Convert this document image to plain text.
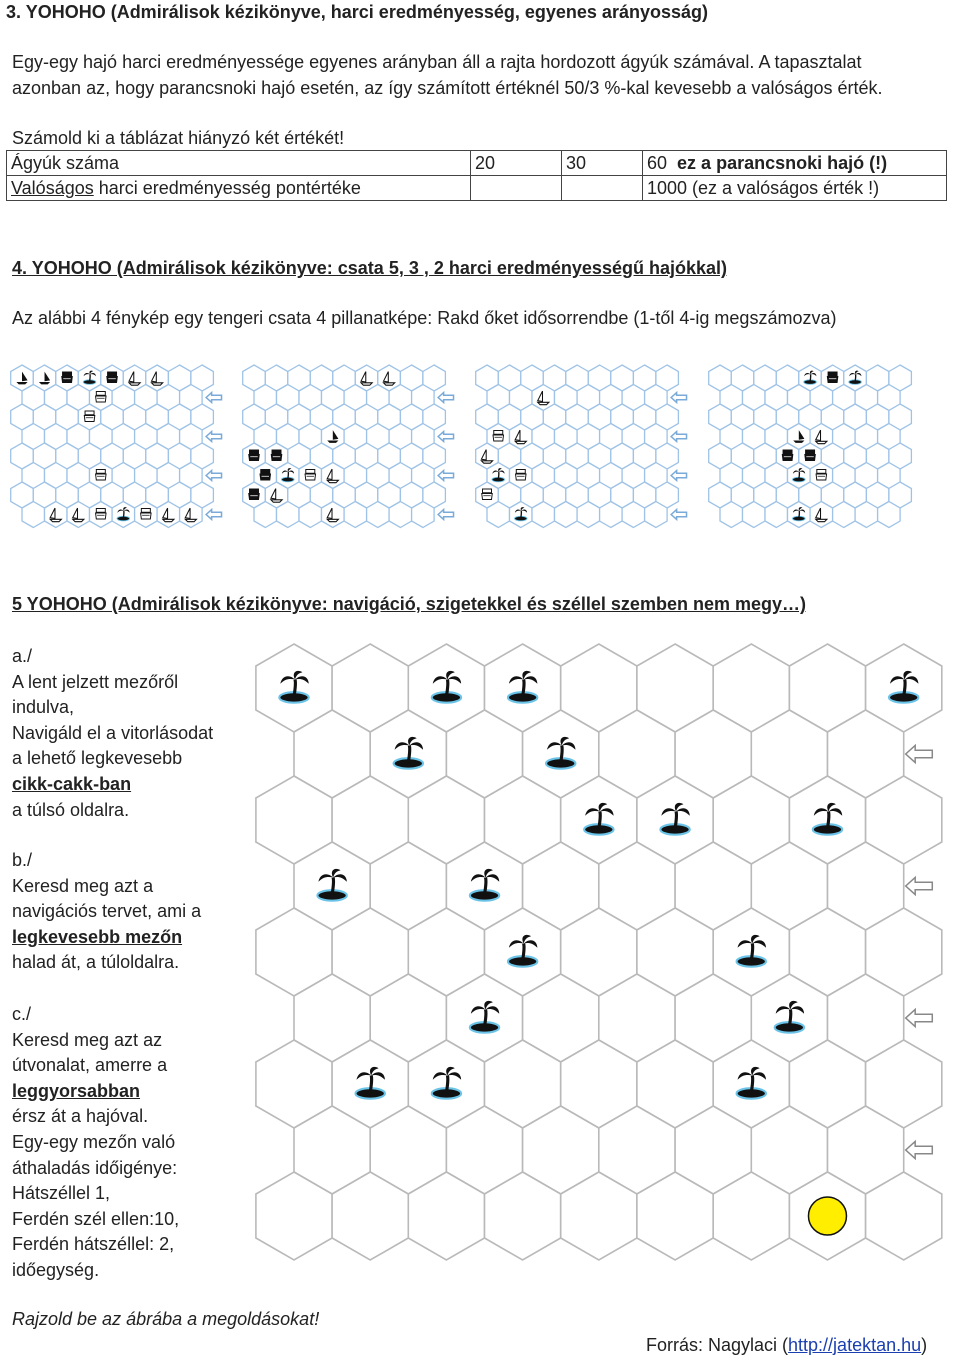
3. YOHOHO (Admirálisok kézikönyve, harci eredményesség, egyenes arányosság)
Egy-egy hajó harci eredményessége egyenes arányban áll a rajta hordozott ágyúk számával. A tapasztalat
azonban az, hogy parancsnoki hajó esetén, az így számított értéknél 50/3 %-kal kevesebb a valóságos érték.
Számold ki a táblázat hiányzó két értékét!
Ágyúk száma	20	30	60 ez a parancsnoki hajó (!)
Valóságos harci eredményesség pontértéke			1000 (ez a valóságos érték !)
4. YOHOHO (Admirálisok kézikönyve: csata 5, 3 , 2 harci eredményességű hajókkal)
Az alábbi 4 fénykép egy tengeri csata 4 pillanatképe: Rakd őket idősorrendbe (1-től 4-ig megszámozva)
5 YOHOHO (Admirálisok kézikönyve: navigáció, szigetekkel és széllel szemben nem megy…)
a./
A lent jelzett mezőről
indulva,
Navigáld el a vitorlásodat
a lehető legkevesebb
cikk-cakk-ban
a túlsó oldalra.
b./
Keresd meg azt a
navigációs tervet, ami a
legkevesebb mezőn
halad át, a túloldalra.
c./
Keresd meg azt az
útvonalat, amerre a
leggyorsabban
érsz át a hajóval.
Egy-egy mezőn való
áthaladás időigénye:
Hátszéllel 1,
Ferdén szél ellen:10,
Ferdén hátszéllel: 2,
időegység.
Rajzold be az ábrába a megoldásokat!
Forrás: Nagylaci (http://jatektan.hu)
